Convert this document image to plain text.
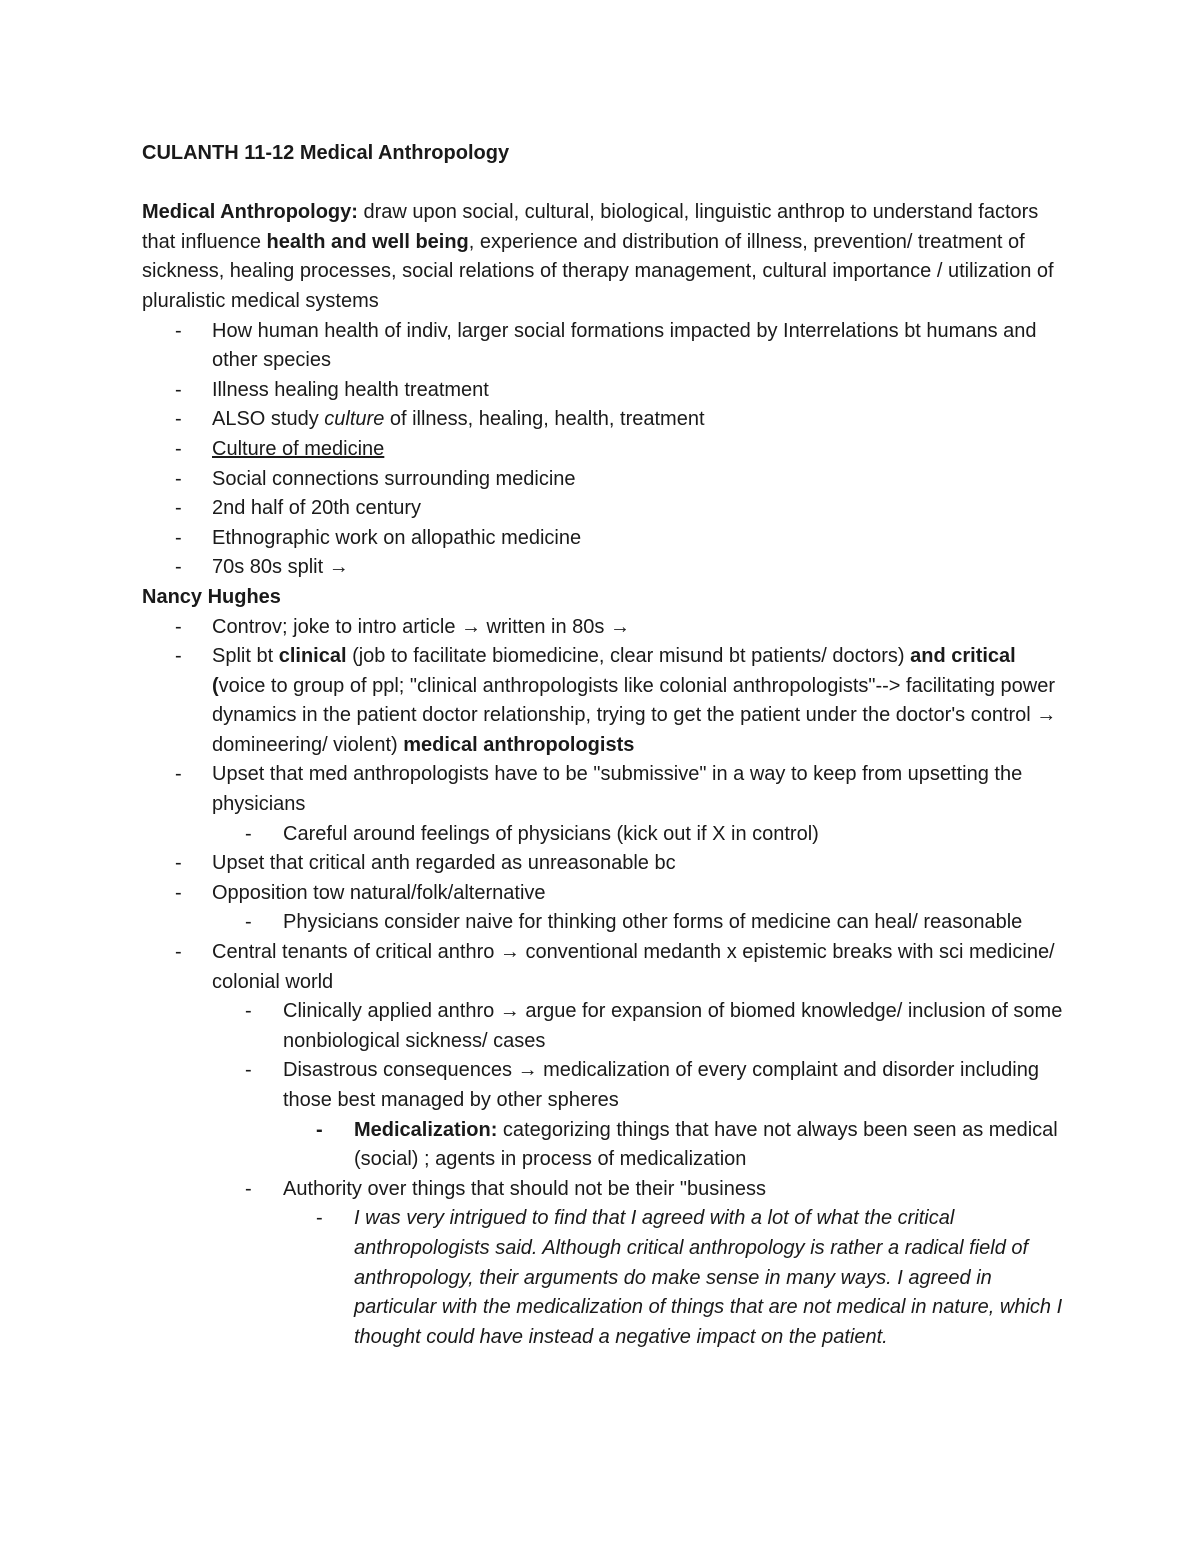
CULANTH 11-12 Medical Anthropology

Medical Anthropology: draw upon social, cultural, biological, linguistic anthrop to understand factors that influence health and well being, experience and distribution of illness, prevention/ treatment of sickness, healing processes, social relations of therapy management, cultural importance / utilization of pluralistic medical systems

- How human health of indiv, larger social formations impacted by Interrelations bt humans and other species
- Illness healing health treatment
- ALSO study culture of illness, healing, health, treatment
- Culture of medicine
- Social connections surrounding medicine
- 2nd half of 20th century
- Ethnographic work on allopathic medicine
- 70s 80s split →
Nancy Hughes
- Controv; joke to intro article → written in 80s →
- Split bt clinical (job to facilitate biomedicine, clear misund bt patients/ doctors) and critical (voice to group of ppl; "clinical anthropologists like colonial anthropologists"--> facilitating power dynamics in the patient doctor relationship, trying to get the patient under the doctor's control → domineering/ violent) medical anthropologists
- Upset that med anthropologists have to be "submissive" in a way to keep from upsetting the physicians
- Careful around feelings of physicians (kick out if X in control)
- Upset that critical anth regarded as unreasonable bc
- Opposition tow natural/folk/alternative
- Physicians consider naive for thinking other forms of medicine can heal/ reasonable
- Central tenants of critical anthro → conventional medanth x epistemic breaks with sci medicine/ colonial world
- Clinically applied anthro → argue for expansion of biomed knowledge/ inclusion of some nonbiological sickness/ cases
- Disastrous consequences → medicalization of every complaint and disorder including those best managed by other spheres
- Medicalization: categorizing things that have not always been seen as medical (social) ; agents in process of medicalization
- Authority over things that should not be their "business
- I was very intrigued to find that I agreed with a lot of what the critical anthropologists said. Although critical anthropology is rather a radical field of anthropology, their arguments do make sense in many ways. I agreed in particular with the medicalization of things that are not medical in nature, which I thought could have instead a negative impact on the patient.
